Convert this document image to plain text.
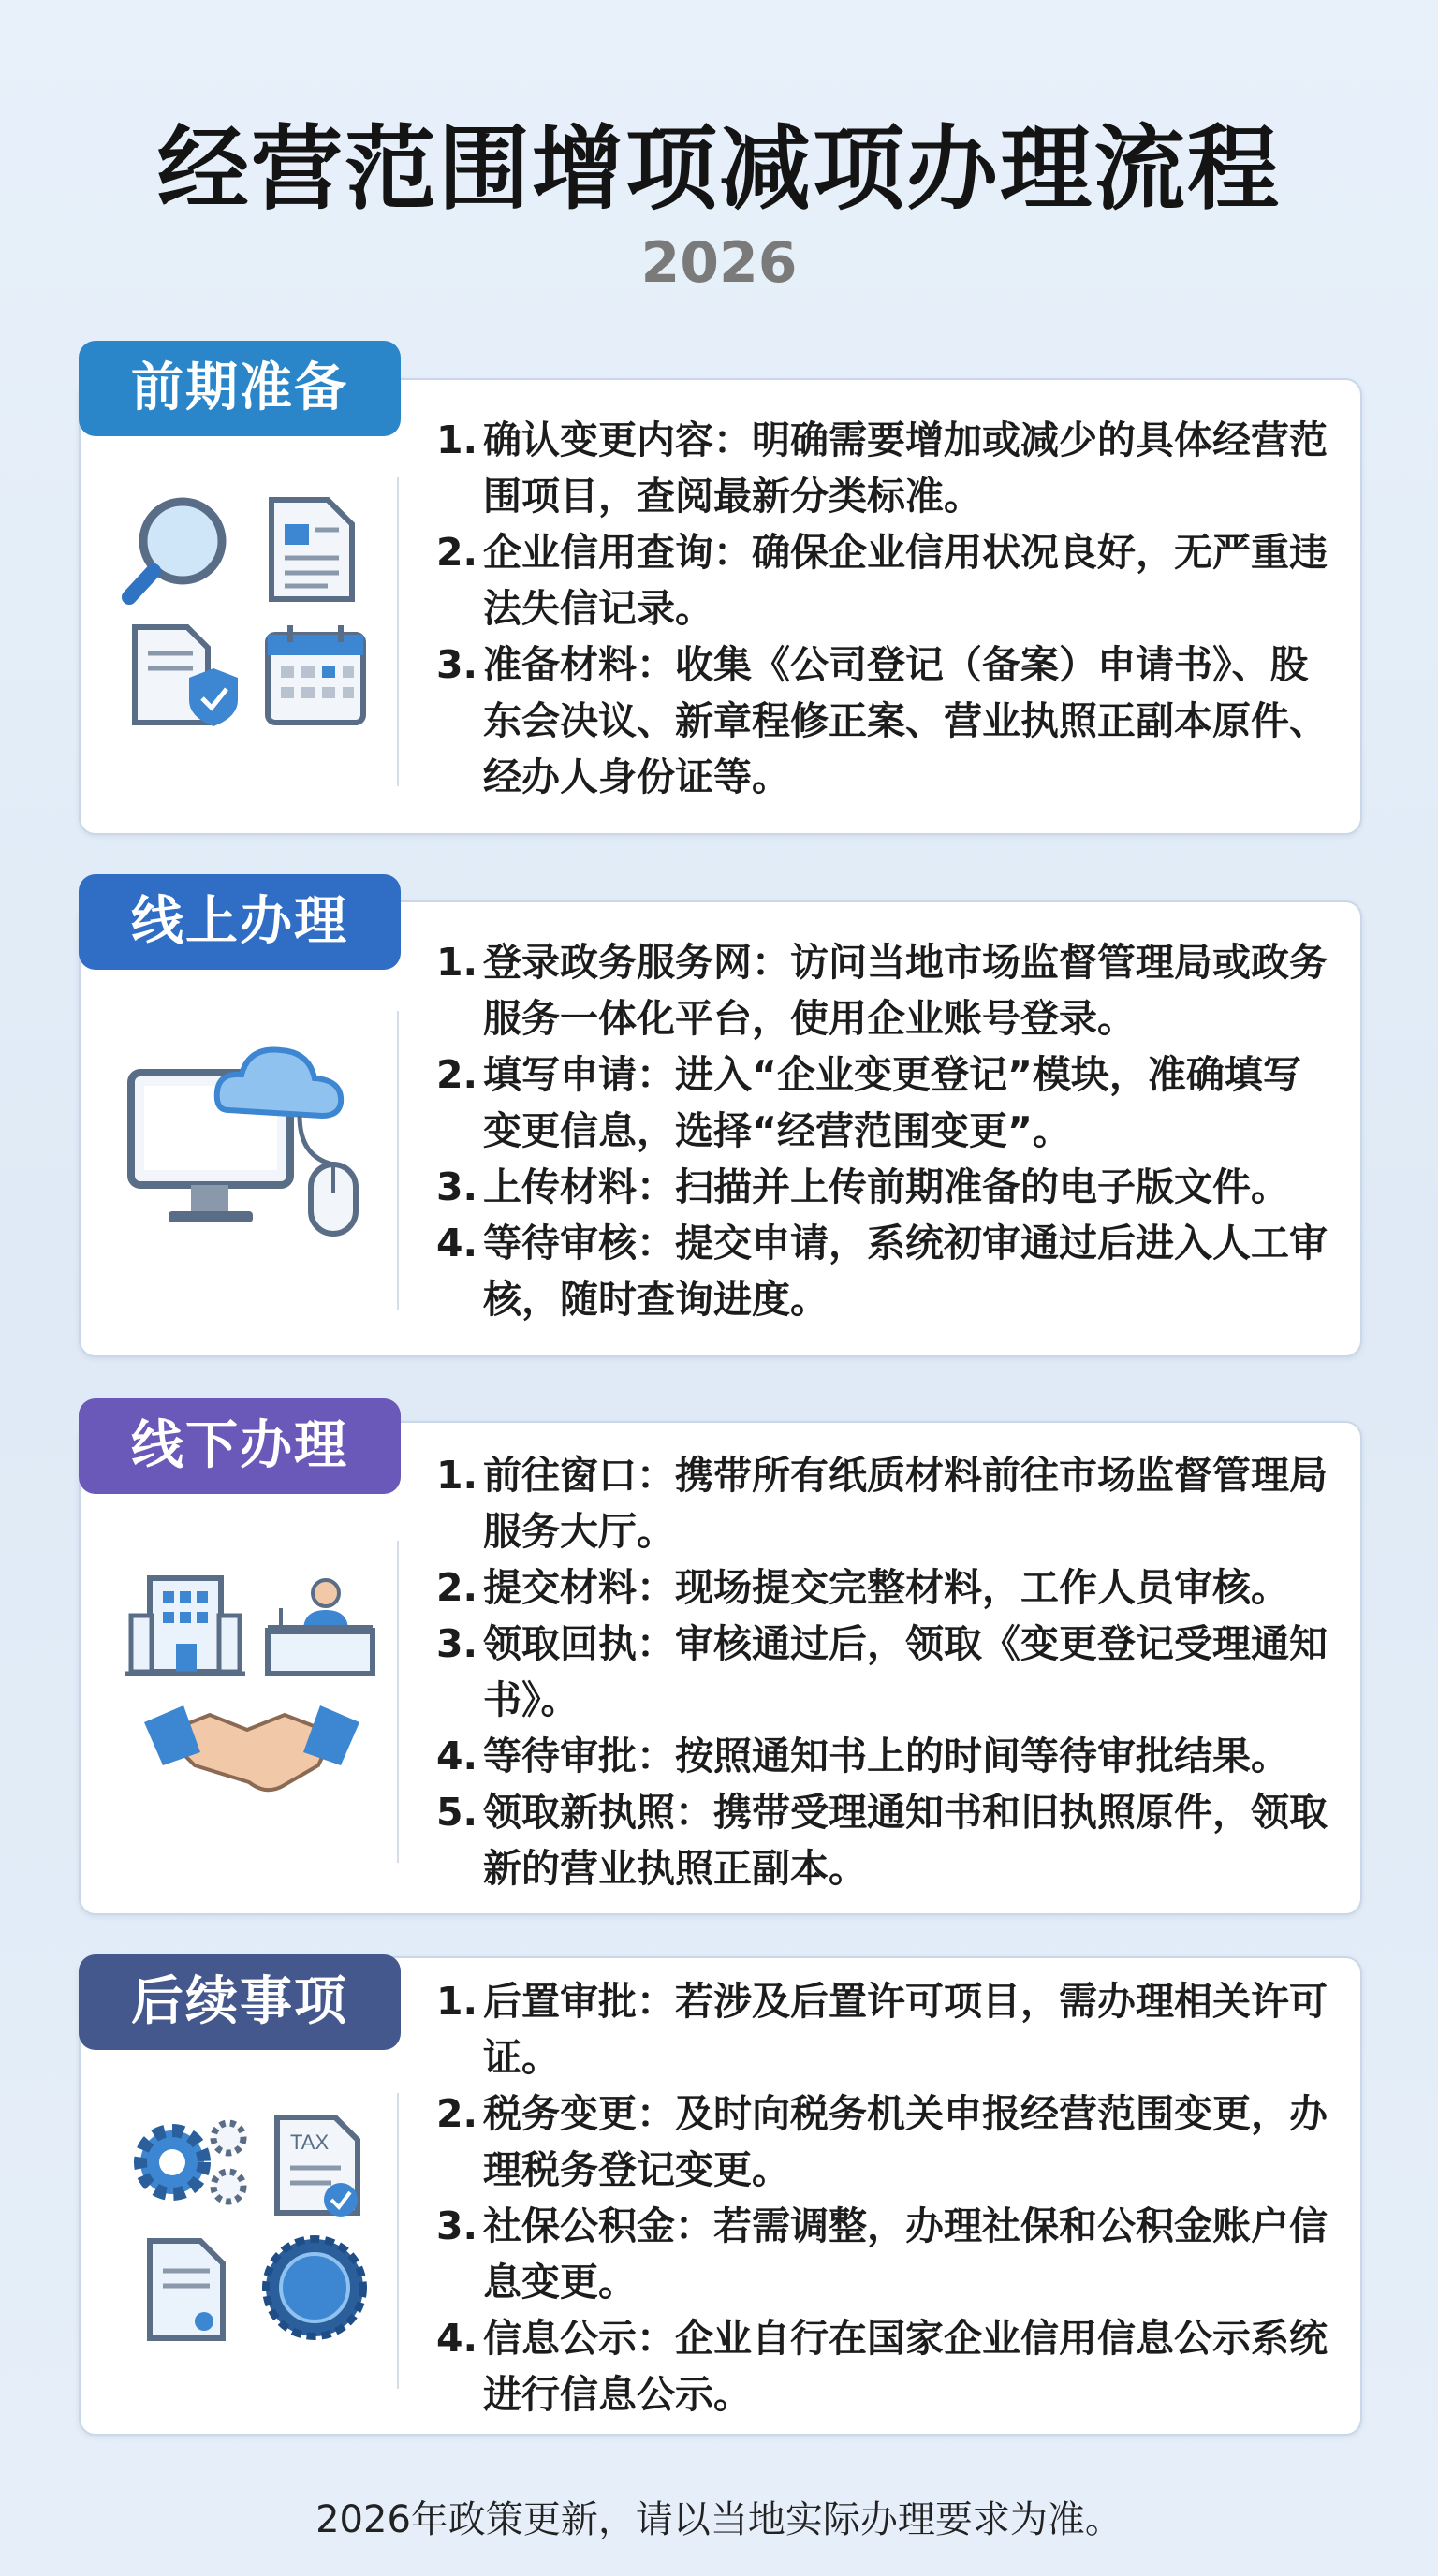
经营范围增项减项办理流程
2026
前期准备
1. 确认变更内容：明确需要增加或减少的具体经营范围项目，查阅最新分类标准。
2. 企业信用查询：确保企业信用状况良好，无严重违法失信记录。
3. 准备材料：收集《公司登记（备案）申请书》、股东会决议、新章程修正案、营业执照正副本原件、经办人身份证等。
线上办理
1. 登录政务服务网：访问当地市场监督管理局或政务服务一体化平台，使用企业账号登录。
2. 填写申请：进入“企业变更登记”模块，准确填写变更信息，选择“经营范围变更”。
3. 上传材料：扫描并上传前期准备的电子版文件。
4. 等待审核：提交申请，系统初审通过后进入人工审核，随时查询进度。
线下办理	1. 前往窗口：携带所有纸质材料前往市场监督管理局服务大厅。
2. 提交材料：现场提交完整材料，工作人员审核。
3. 领取回执：审核通过后，领取《变更登记受理通知书》。
4. 等待审批：按照通知书上的时间等待审批结果。
5. 领取新执照：携带受理通知书和旧执照原件，领取新的营业执照正副本。
后续事项
TAX
1. 后置审批：若涉及后置许可项目，需办理相关许可证。
2. 税务变更：及时向税务机关申报经营范围变更，办理税务登记变更。
3. 社保公积金：若需调整，办理社保和公积金账户信息变更。
4. 信息公示：企业自行在国家企业信用信息公示系统进行信息公示。
2026年政策更新，请以当地实际办理要求为准。
